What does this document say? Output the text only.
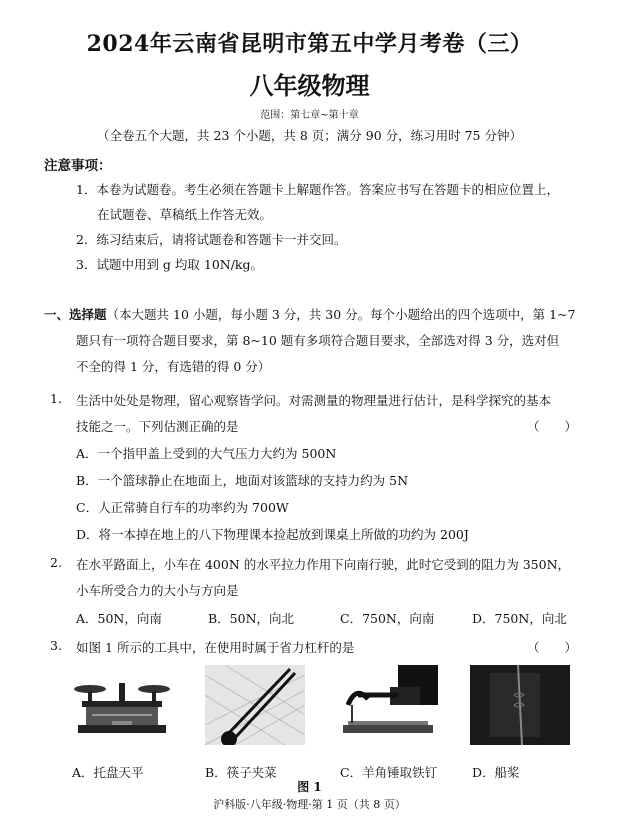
2024年云南省昆明市第五中学月考卷（三）
八年级物理
范围：第七章~第十章
（全卷五个大题，共 23 个小题，共 8 页；满分 90 分，练习用时 75 分钟）
注意事项：
1．本卷为试题卷。考生必须在答题卡上解题作答。答案应书写在答题卡的相应位置上，
在试题卷、草稿纸上作答无效。
2．练习结束后，请将试题卷和答题卡一并交回。
3．试题中用到 g 均取 10N/kg。
一、选择题（本大题共 10 小题，每小题 3 分，共 30 分。每个小题给出的四个选项中，第 1~7
题只有一项符合题目要求，第 8~10 题有多项符合题目要求，全部选对得 3 分，选对但
不全的得 1 分，有选错的得 0 分）
1. 生活中处处是物理，留心观察皆学问。对需测量的物理量进行估计，是科学探究的基本
技能之一。下列估测正确的是	（　　）
A．一个指甲盖上受到的大气压力大约为 500N
B．一个篮球静止在地面上，地面对该篮球的支持力约为 5N
C．人正常骑自行车的功率约为 700W
D．将一本掉在地上的八下物理课本捡起放到课桌上所做的功约为 200J
2. 在水平路面上，小车在 400N 的水平拉力作用下向南行驶，此时它受到的阻力为 350N，
小车所受合力的大小与方向是
A．50N，向南	B．50N，向北	C．750N，向南	D．750N，向北
3. 如图 1 所示的工具中，在使用时属于省力杠杆的是	（　　）
A．托盘天平	B．筷子夹菜	C．羊角锤取铁钉	D．船桨
图 1
沪科版·八年级·物理·第 1 页（共 8 页）
